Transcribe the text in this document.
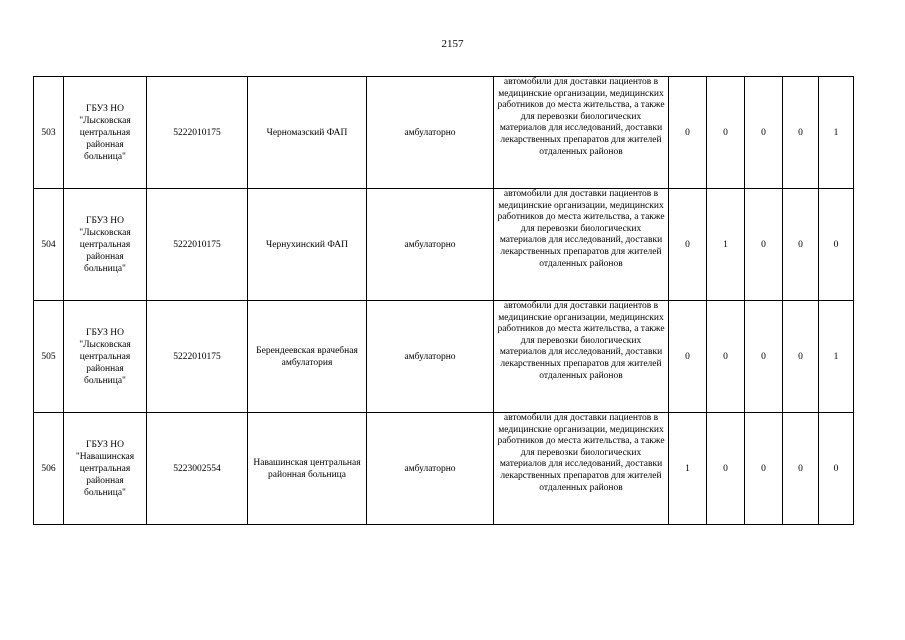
2157
503	ГБУЗ НО "Лысковская центральная районная больница"	5222010175	Черномазский ФАП	амбулаторно	автомобили для доставки пациентов в медицинские организации, медицинских работников до места жительства, а также для перевозки биологических материалов для исследований, доставки лекарственных препаратов для жителей отдаленных районов	0	0	0	0	1
504	ГБУЗ НО "Лысковская центральная районная больница"	5222010175	Чернухинский ФАП	амбулаторно	автомобили для доставки пациентов в медицинские организации, медицинских работников до места жительства, а также для перевозки биологических материалов для исследований, доставки лекарственных препаратов для жителей отдаленных районов	0	1	0	0	0
505	ГБУЗ НО "Лысковская центральная районная больница"	5222010175	Берендеевская врачебная амбулатория	амбулаторно	автомобили для доставки пациентов в медицинские организации, медицинских работников до места жительства, а также для перевозки биологических материалов для исследований, доставки лекарственных препаратов для жителей отдаленных районов	0	0	0	0	1
506	ГБУЗ НО "Навашинская центральная районная больница"	5223002554	Навашинская центральная районная больница	амбулаторно	автомобили для доставки пациентов в медицинские организации, медицинских работников до места жительства, а также для перевозки биологических материалов для исследований, доставки лекарственных препаратов для жителей отдаленных районов	1	0	0	0	0
